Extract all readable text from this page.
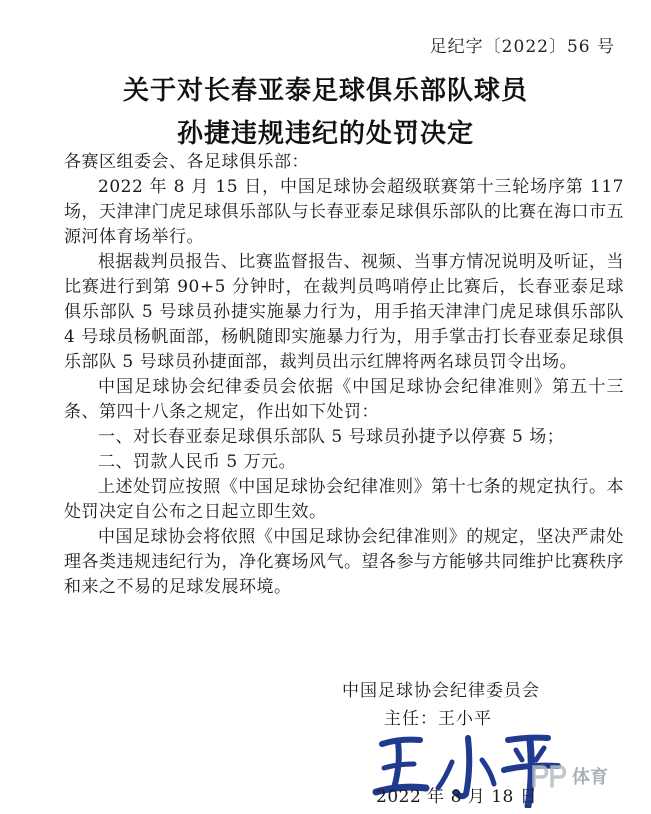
足纪字〔2022〕56 号
关于对长春亚泰足球俱乐部队球员
孙捷违规违纪的处罚决定

各赛区组委会、各足球俱乐部：

2022 年 8 月 15 日，中国足球协会超级联赛第十三轮场序第 117 场，天津津门虎足球俱乐部队与长春亚泰足球俱乐部队的比赛在海口市五源河体育场举行。

根据裁判员报告、比赛监督报告、视频、当事方情况说明及听证，当比赛进行到第 90+5 分钟时，在裁判员鸣哨停止比赛后，长春亚泰足球俱乐部队 5 号球员孙捷实施暴力行为，用手掐天津津门虎足球俱乐部队 4 号球员杨帆面部，杨帆随即实施暴力行为，用手掌击打长春亚泰足球俱乐部队 5 号球员孙捷面部，裁判员出示红牌将两名球员罚令出场。

中国足球协会纪律委员会依据《中国足球协会纪律准则》第五十三条、第四十八条之规定，作出如下处罚：

一、对长春亚泰足球俱乐部队 5 号球员孙捷予以停赛 5 场；

二、罚款人民币 5 万元。

上述处罚应按照《中国足球协会纪律准则》第十七条的规定执行。本处罚决定自公布之日起立即生效。

中国足球协会将依照《中国足球协会纪律准则》的规定，坚决严肃处理各类违规违纪行为，净化赛场风气。望各参与方能够共同维护比赛秩序和来之不易的足球发展环境。

中国足球协会纪律委员会
主任：王小平
2022 年 8 月 18 日
体育
